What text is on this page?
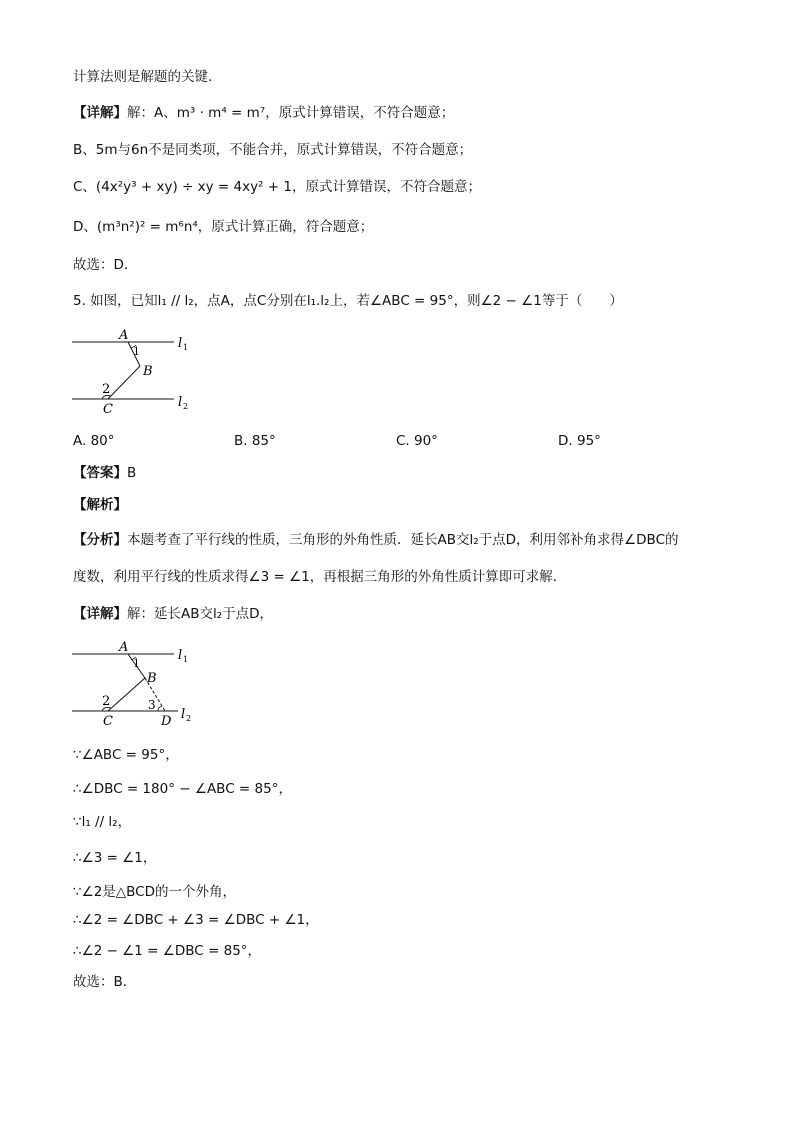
计算法则是解题的关键．
【详解】解：A、m³ · m⁴ = m⁷，原式计算错误，不符合题意；
B、5m与6n不是同类项，不能合并，原式计算错误，不符合题意；
C、(4x²y³ + xy) ÷ xy = 4xy² + 1，原式计算错误，不符合题意；
D、(m³n²)² = m⁶n⁴，原式计算正确，符合题意；
故选：D．
5. 如图，已知l₁ // l₂，点A，点C分别在l₁.l₂上，若∠ABC = 95°，则∠2 − ∠1等于（　　）
A
1
B
2
C
l 1
l 2
A. 80°	B. 85°	C. 90°	D. 95°
【答案】B
【解析】
【分析】本题考查了平行线的性质，三角形的外角性质．延长AB交l₂于点D，利用邻补角求得∠DBC的
度数，利用平行线的性质求得∠3 = ∠1，再根据三角形的外角性质计算即可求解．
【详解】解：延长AB交l₂于点D，
A
1
B
2	3
C	D
l 1
l 2
∵∠ABC = 95°，
∴∠DBC = 180° − ∠ABC = 85°，
∵l₁ // l₂，
∴∠3 = ∠1，
∵∠2是△BCD的一个外角，
∴∠2 = ∠DBC + ∠3 = ∠DBC + ∠1，
∴∠2 − ∠1 = ∠DBC = 85°，
故选：B．
